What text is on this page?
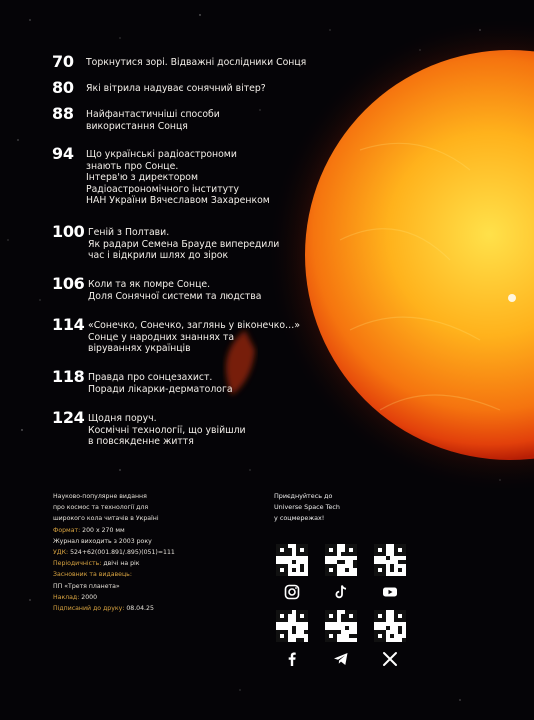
70	Торкнутися зорі. Відважні дослідники Сонця
80	Які вітрила надуває сонячний вітер?
88	Найфантастичніші способи
використання Сонця
94	Що українські радіоастрономи
знають про Сонце.
Інтерв'ю з директором
Радіоастрономічного інституту
НАН України Вячеславом Захаренком
100 Геній з Полтави.
Як радари Семена Брауде випередили
час і відкрили шлях до зірок
106 Коли та як помре Сонце.
Доля Сонячної системи та людства
114 «Сонечко, Сонечко, заглянь у віконечко…»
Сонце у народних знаннях та
віруваннях українців
118 Правда про сонцезахист.
Поради лікарки-дерматолога
124 Щодня поруч.
Космічні технології, що увійшли
в повсякденне життя
Науково-популярне видання
про космос та технології для
широкого кола читачів в Україні
Формат: 200 х 270 мм
Журнал виходить з 2003 року
УДК: 524+62(001.891/.895)(051)=111
Періодичність: двічі на рік
Засновник та видавець:
ПП «Третя планета»
Наклад: 2000
Підписаний до друку: 08.04.25
Приєднуйтесь до
Universe Space Tech
у соцмережах!
